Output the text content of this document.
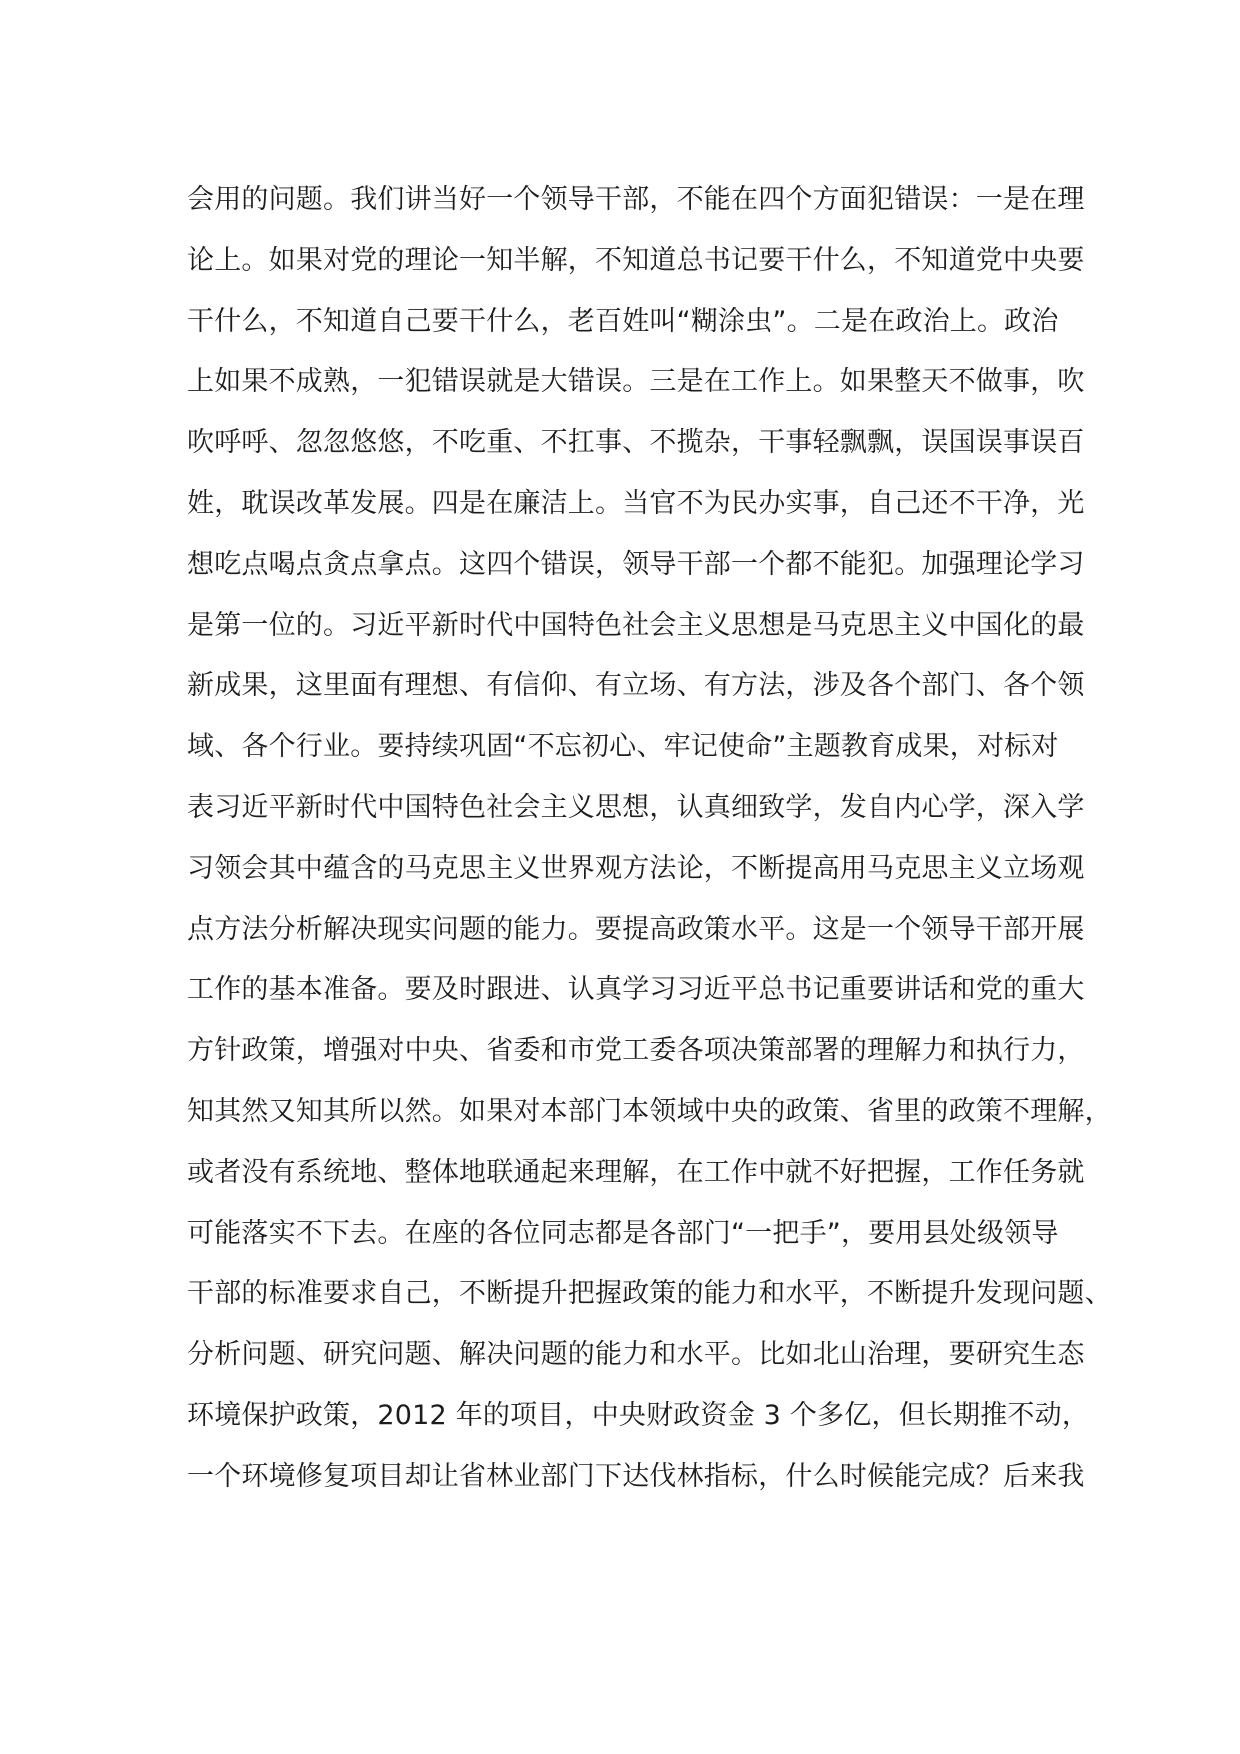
会用的问题。我们讲当好一个领导干部，不能在四个方面犯错误：一是在理
论上。如果对党的理论一知半解，不知道总书记要干什么，不知道党中央要
干什么，不知道自己要干什么，老百姓叫“糊涂虫”。二是在政治上。政治
上如果不成熟，一犯错误就是大错误。三是在工作上。如果整天不做事，吹
吹呼呼、忽忽悠悠，不吃重、不扛事、不揽杂，干事轻飘飘，误国误事误百
姓，耽误改革发展。四是在廉洁上。当官不为民办实事，自己还不干净，光
想吃点喝点贪点拿点。这四个错误，领导干部一个都不能犯。加强理论学习
是第一位的。习近平新时代中国特色社会主义思想是马克思主义中国化的最
新成果，这里面有理想、有信仰、有立场、有方法，涉及各个部门、各个领
域、各个行业。要持续巩固“不忘初心、牢记使命”主题教育成果，对标对
表习近平新时代中国特色社会主义思想，认真细致学，发自内心学，深入学
习领会其中蕴含的马克思主义世界观方法论，不断提高用马克思主义立场观
点方法分析解决现实问题的能力。要提高政策水平。这是一个领导干部开展
工作的基本准备。要及时跟进、认真学习习近平总书记重要讲话和党的重大
方针政策，增强对中央、省委和市党工委各项决策部署的理解力和执行力，
知其然又知其所以然。如果对本部门本领域中央的政策、省里的政策不理解，
或者没有系统地、整体地联通起来理解，在工作中就不好把握，工作任务就
可能落实不下去。在座的各位同志都是各部门“一把手”，要用县处级领导
干部的标准要求自己，不断提升把握政策的能力和水平，不断提升发现问题、
分析问题、研究问题、解决问题的能力和水平。比如北山治理，要研究生态
环境保护政策，2012 年的项目，中央财政资金 3 个多亿，但长期推不动，
一个环境修复项目却让省林业部门下达伐林指标，什么时候能完成？后来我
